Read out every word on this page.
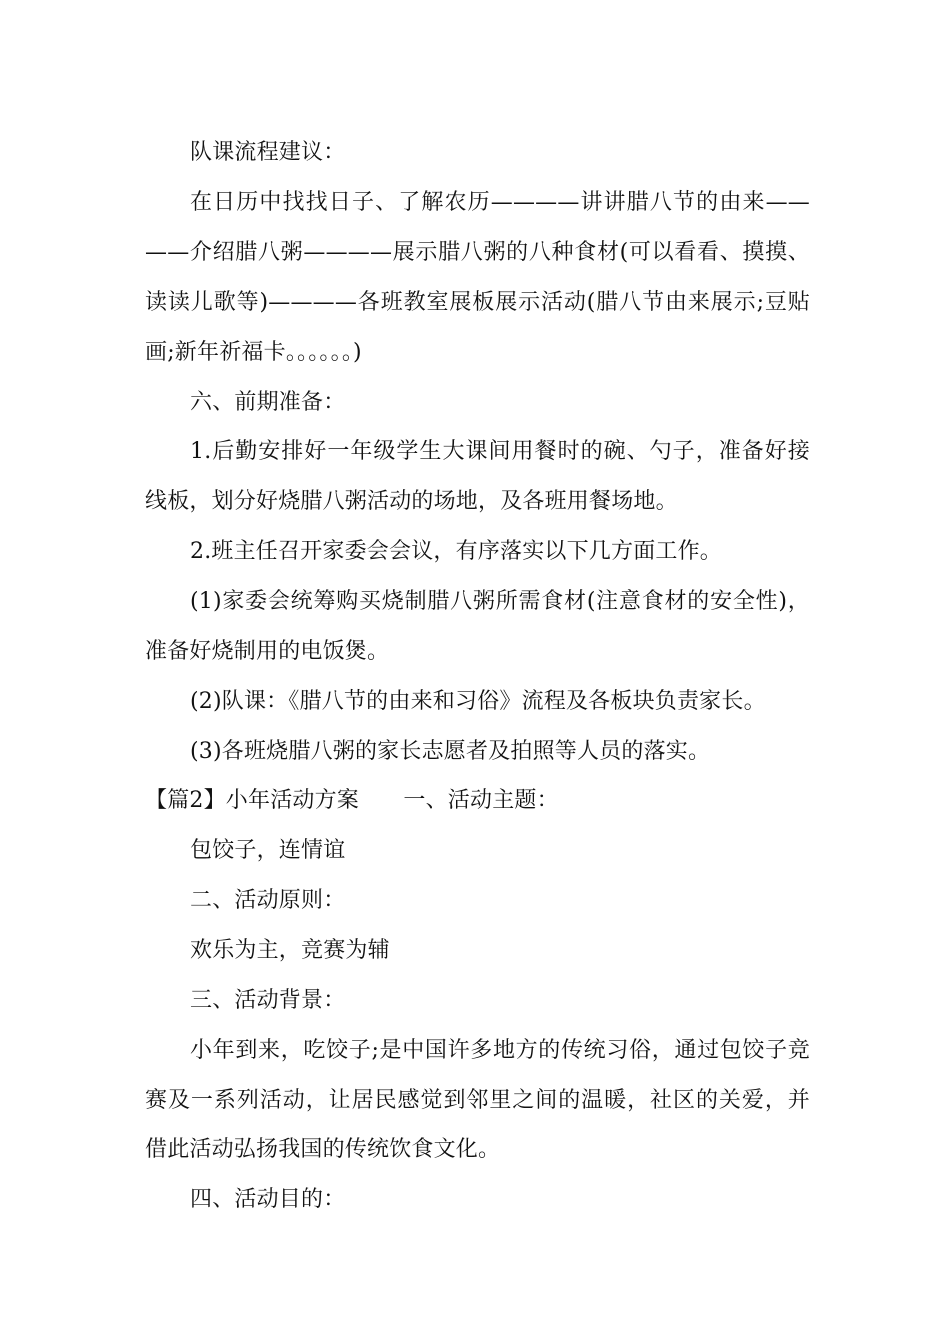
队课流程建议：
在日历中找找日子、了解农历————讲讲腊八节的由来——
——介绍腊八粥————展示腊八粥的八种食材(可以看看、摸摸、
读读儿歌等)————各班教室展板展示活动(腊八节由来展示;豆贴
画;新年祈福卡。。。。。。)
六、前期准备：
1.后勤安排好一年级学生大课间用餐时的碗、勺子，准备好接
线板，划分好烧腊八粥活动的场地，及各班用餐场地。
2.班主任召开家委会会议，有序落实以下几方面工作。
(1)家委会统筹购买烧制腊八粥所需食材(注意食材的安全性)，
准备好烧制用的电饭煲。
(2)队课：《腊八节的由来和习俗》流程及各板块负责家长。
(3)各班烧腊八粥的家长志愿者及拍照等人员的落实。
【篇2】小年活动方案　　一、活动主题：
包饺子，连情谊
二、活动原则：
欢乐为主，竞赛为辅
三、活动背景：
小年到来，吃饺子;是中国许多地方的传统习俗，通过包饺子竞
赛及一系列活动，让居民感觉到邻里之间的温暖，社区的关爱，并
借此活动弘扬我国的传统饮食文化。
四、活动目的：
